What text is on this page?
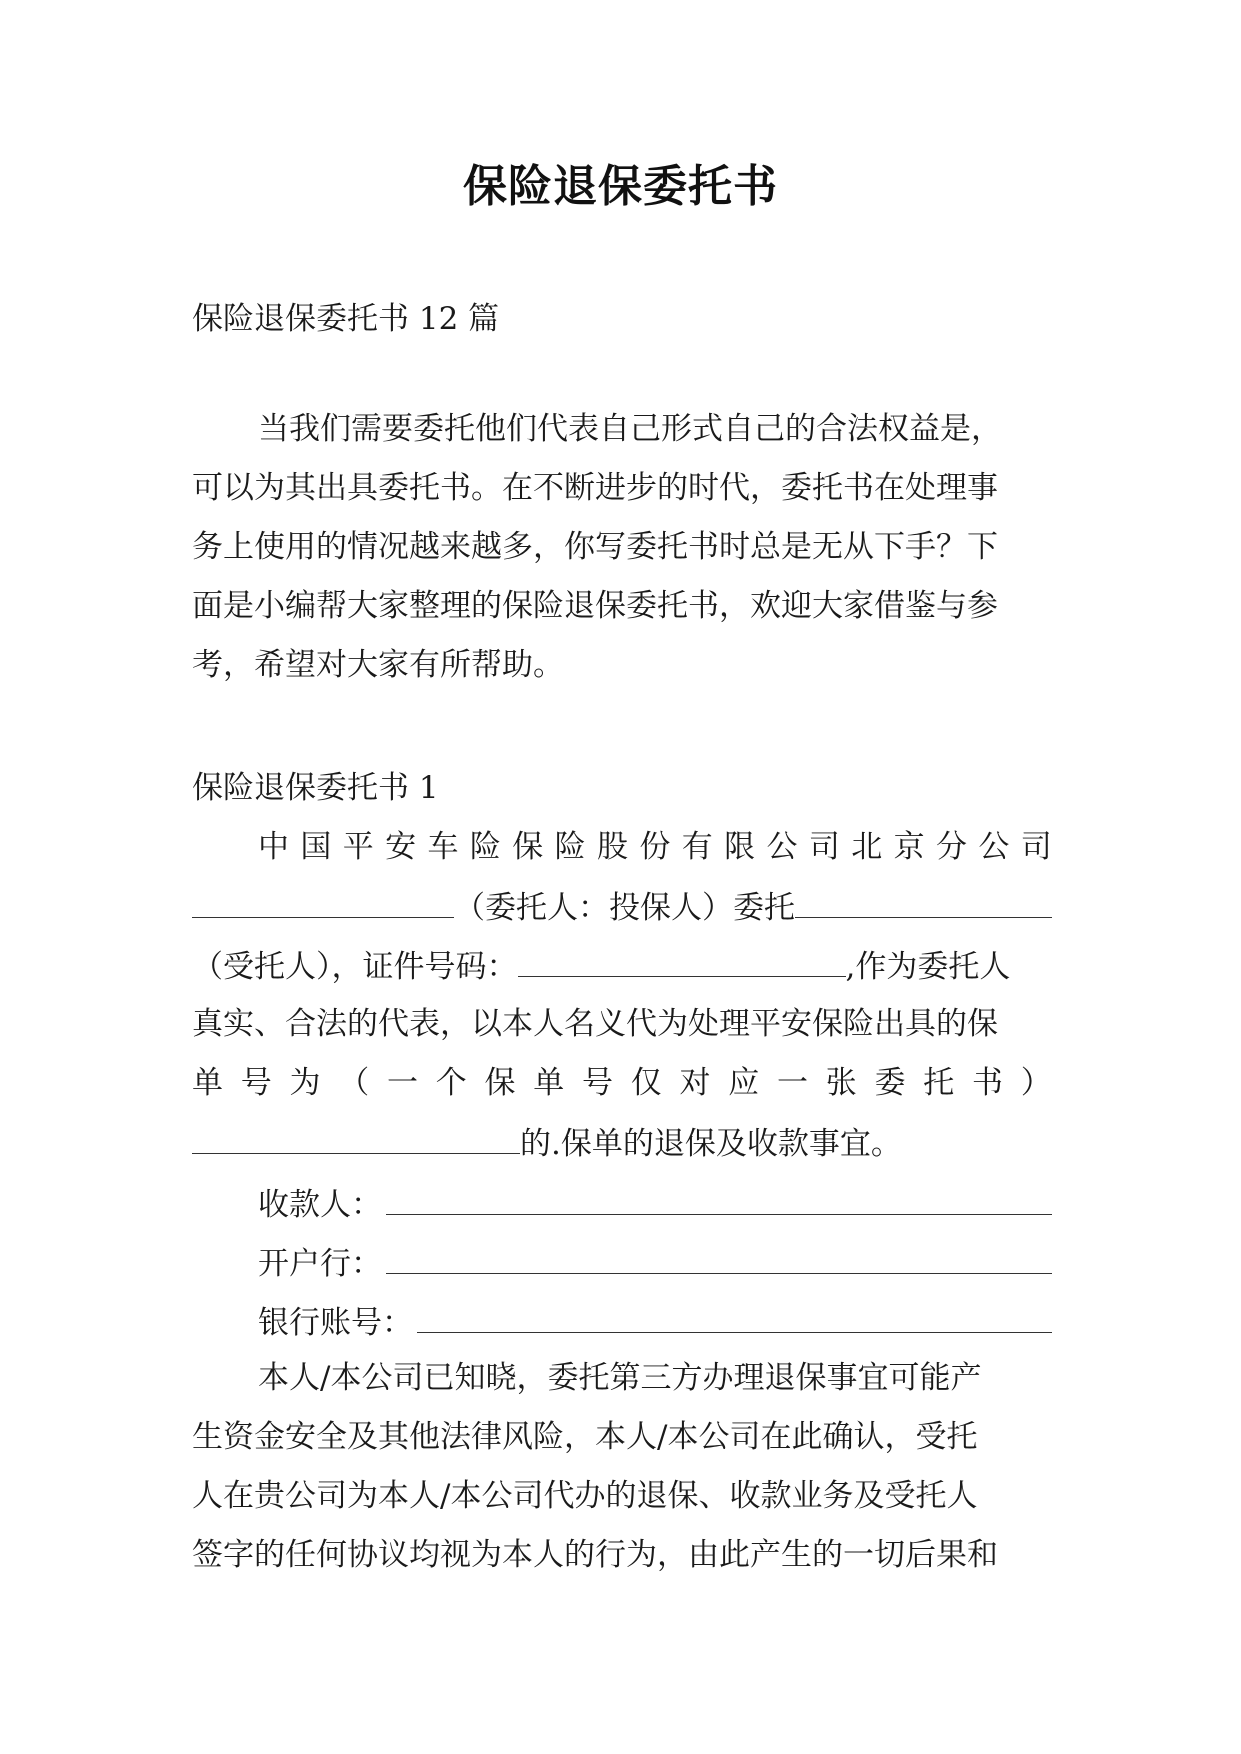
保险退保委托书
保险退保委托书 12 篇
当我们需要委托他们代表自己形式自己的合法权益是，
可以为其出具委托书。在不断进步的时代，委托书在处理事
务上使用的情况越来越多，你写委托书时总是无从下手？下
面是小编帮大家整理的保险退保委托书，欢迎大家借鉴与参
考，希望对大家有所帮助。
保险退保委托书 1
中 国 平 安 车 险 保 险 股 份 有 限 公 司 北 京 分 公 司
（委托人：投保人）委托
（受托人），证件号码：	,作为委托人
真实、合法的代表，以本人名义代为处理平安保险出具的保
单 号 为 （ 一 个 保 单 号 仅 对 应 一 张 委 托 书 ）
的.保单的退保及收款事宜。
收款人：
开户行：
银行账号：
本人/本公司已知晓，委托第三方办理退保事宜可能产
生资金安全及其他法律风险，本人/本公司在此确认，受托
人在贵公司为本人/本公司代办的退保、收款业务及受托人
签字的任何协议均视为本人的行为，由此产生的一切后果和
